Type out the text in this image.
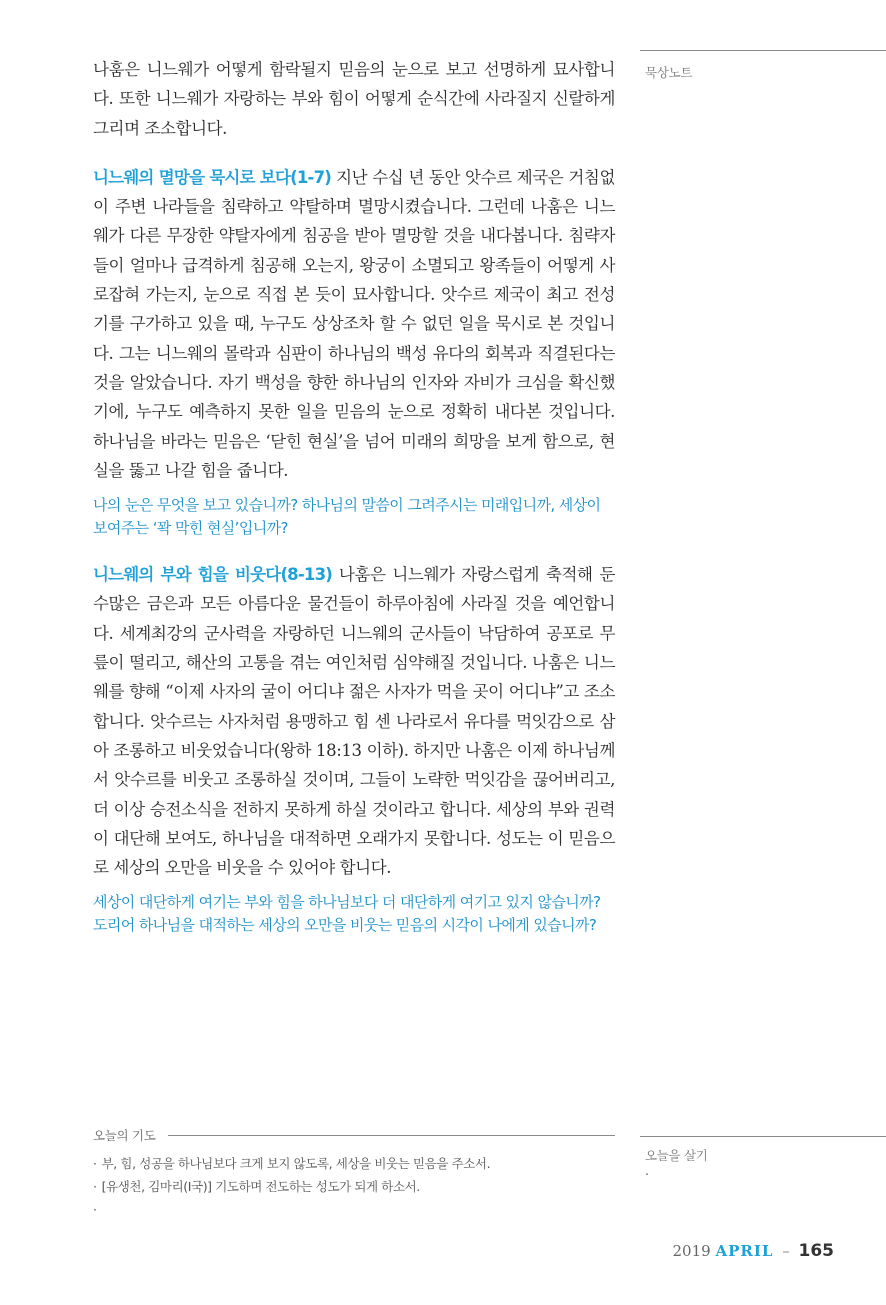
나훔은 니느웨가 어떻게 함락될지 믿음의 눈으로 보고 선명하게 묘사합니다. 또한 니느웨가 자랑하는 부와 힘이 어떻게 순식간에 사라질지 신랄하게 그리며 조소합니다.

니느웨의 멸망을 묵시로 보다(1-7) 지난 수십 년 동안 앗수르 제국은 거침없이 주변 나라들을 침략하고 약탈하며 멸망시켰습니다. 그런데 나훔은 니느웨가 다른 무장한 약탈자에게 침공을 받아 멸망할 것을 내다봅니다. 침략자들이 얼마나 급격하게 침공해 오는지, 왕궁이 소멸되고 왕족들이 어떻게 사로잡혀 가는지, 눈으로 직접 본 듯이 묘사합니다. 앗수르 제국이 최고 전성기를 구가하고 있을 때, 누구도 상상조차 할 수 없던 일을 묵시로 본 것입니다. 그는 니느웨의 몰락과 심판이 하나님의 백성 유다의 회복과 직결된다는 것을 알았습니다. 자기 백성을 향한 하나님의 인자와 자비가 크심을 확신했기에, 누구도 예측하지 못한 일을 믿음의 눈으로 정확히 내다본 것입니다. 하나님을 바라는 믿음은 ‘닫힌 현실’을 넘어 미래의 희망을 보게 함으로, 현실을 뚫고 나갈 힘을 줍니다.

나의 눈은 무엇을 보고 있습니까? 하나님의 말씀이 그려주시는 미래입니까, 세상이 보여주는 ‘꽉 막힌 현실’입니까?

니느웨의 부와 힘을 비웃다(8-13) 나훔은 니느웨가 자랑스럽게 축적해 둔 수많은 금은과 모든 아름다운 물건들이 하루아침에 사라질 것을 예언합니다. 세계최강의 군사력을 자랑하던 니느웨의 군사들이 낙담하여 공포로 무릎이 떨리고, 해산의 고통을 겪는 여인처럼 심약해질 것입니다. 나훔은 니느웨를 향해 “이제 사자의 굴이 어디냐 젊은 사자가 먹을 곳이 어디냐”고 조소합니다. 앗수르는 사자처럼 용맹하고 힘 센 나라로서 유다를 먹잇감으로 삼아 조롱하고 비웃었습니다(왕하 18:13 이하). 하지만 나훔은 이제 하나님께서 앗수르를 비웃고 조롱하실 것이며, 그들이 노략한 먹잇감을 끊어버리고, 더 이상 승전소식을 전하지 못하게 하실 것이라고 합니다. 세상의 부와 권력이 대단해 보여도, 하나님을 대적하면 오래가지 못합니다. 성도는 이 믿음으로 세상의 오만을 비웃을 수 있어야 합니다.

세상이 대단하게 여기는 부와 힘을 하나님보다 더 대단하게 여기고 있지 않습니까? 도리어 하나님을 대적하는 세상의 오만을 비웃는 믿음의 시각이 나에게 있습니까?

묵상노트
오늘의 기도
· 부, 힘, 성공을 하나님보다 크게 보지 않도록, 세상을 비웃는 믿음을 주소서.
· [유생천, 김마리(I국)] 기도하며 전도하는 성도가 되게 하소서.
·
오늘을 살기
·
2019 APRIL – 165
